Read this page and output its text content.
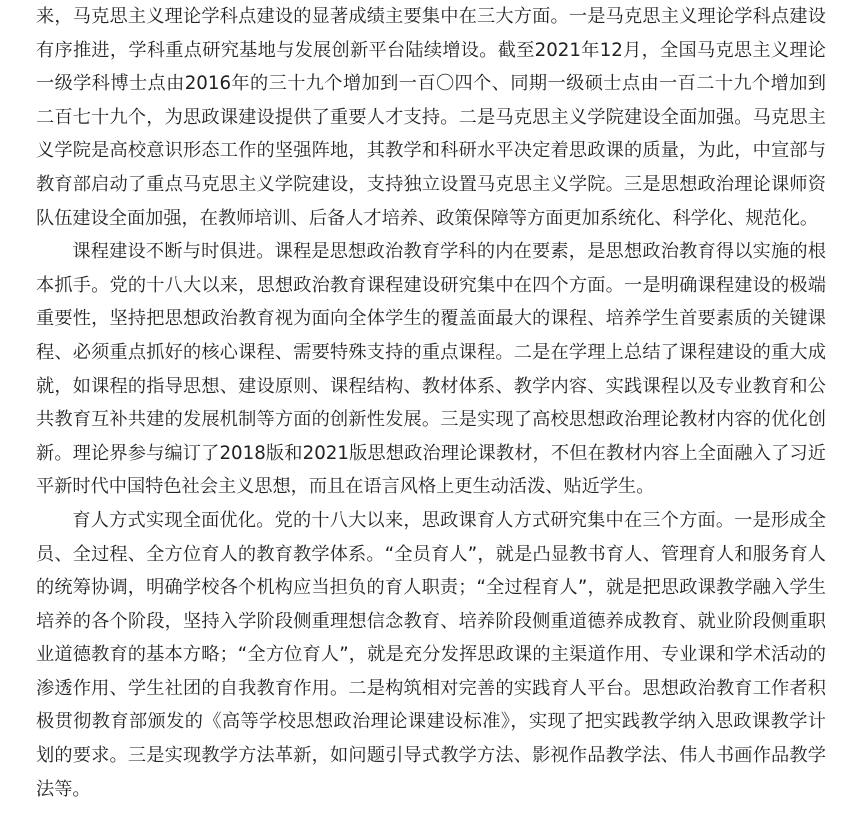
来，马克思主义理论学科点建设的显著成绩主要集中在三大方面。一是马克思主义理论学科点建设有序推进，学科重点研究基地与发展创新平台陆续增设。截至2021年12月，全国马克思主义理论一级学科博士点由2016年的三十九个增加到一百〇四个、同期一级硕士点由一百二十九个增加到二百七十九个，为思政课建设提供了重要人才支持。二是马克思主义学院建设全面加强。马克思主义学院是高校意识形态工作的坚强阵地，其教学和科研水平决定着思政课的质量，为此，中宣部与教育部启动了重点马克思主义学院建设，支持独立设置马克思主义学院。三是思想政治理论课师资队伍建设全面加强，在教师培训、后备人才培养、政策保障等方面更加系统化、科学化、规范化。

课程建设不断与时俱进。课程是思想政治教育学科的内在要素，是思想政治教育得以实施的根本抓手。党的十八大以来，思想政治教育课程建设研究集中在四个方面。一是明确课程建设的极端重要性，坚持把思想政治教育视为面向全体学生的覆盖面最大的课程、培养学生首要素质的关键课程、必须重点抓好的核心课程、需要特殊支持的重点课程。二是在学理上总结了课程建设的重大成就，如课程的指导思想、建设原则、课程结构、教材体系、教学内容、实践课程以及专业教育和公共教育互补共建的发展机制等方面的创新性发展。三是实现了高校思想政治理论教材内容的优化创新。理论界参与编订了2018版和2021版思想政治理论课教材，不但在教材内容上全面融入了习近平新时代中国特色社会主义思想，而且在语言风格上更生动活泼、贴近学生。

育人方式实现全面优化。党的十八大以来，思政课育人方式研究集中在三个方面。一是形成全员、全过程、全方位育人的教育教学体系。“全员育人”，就是凸显教书育人、管理育人和服务育人的统筹协调，明确学校各个机构应当担负的育人职责；“全过程育人”，就是把思政课教学融入学生培养的各个阶段，坚持入学阶段侧重理想信念教育、培养阶段侧重道德养成教育、就业阶段侧重职业道德教育的基本方略；“全方位育人”，就是充分发挥思政课的主渠道作用、专业课和学术活动的渗透作用、学生社团的自我教育作用。二是构筑相对完善的实践育人平台。思想政治教育工作者积极贯彻教育部颁发的《高等学校思想政治理论课建设标准》，实现了把实践教学纳入思政课教学计划的要求。三是实现教学方法革新，如问题引导式教学方法、影视作品教学法、伟人书画作品教学法等。
